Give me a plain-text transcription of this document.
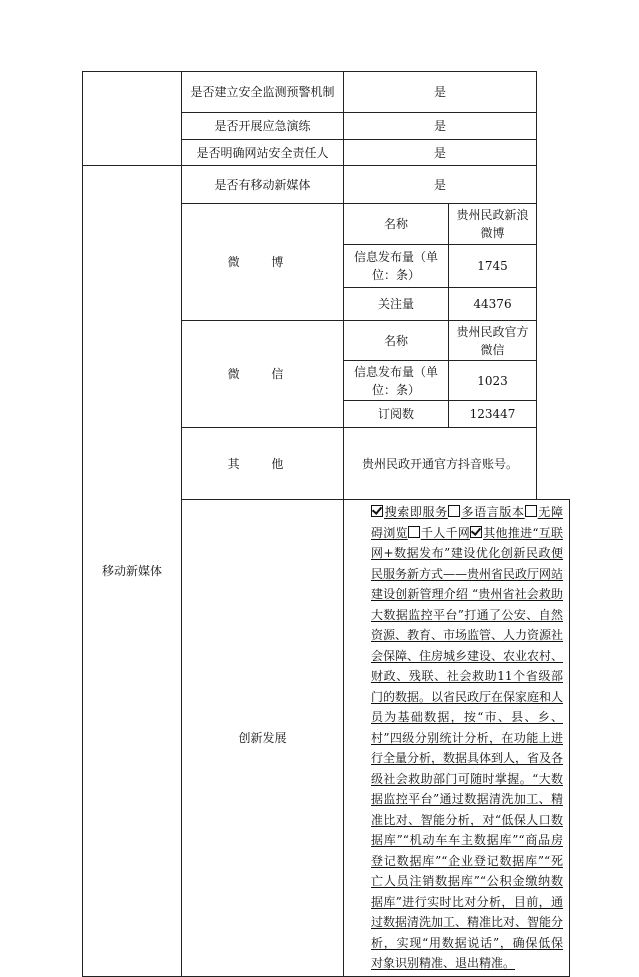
	是否建立安全监测预警机制	是	
	是否开展应急演练	是	
	是否明确网站安全责任人	是	
移动新媒体	是否有移动新媒体	是	
	微 博	名称	贵州民政新浪微博
		信息发布量（单位：条）	1745
		关注量	44376
	微 信	名称	贵州民政官方微信
		信息发布量（单位：条）	1023
		订阅数	123447
	其 他	贵州民政开通官方抖音账号。	
	创新发展	搜索即服务 多语言版本 无障碍浏览 千人千网 其他推进“互联网+数据发布”建设优化创新民政便民服务新方式——贵州省民政厅网站建设创新管理介绍 “贵州省社会救助大数据监控平台”打通了公安、自然资源、教育、市场监管、人力资源社会保障、住房城乡建设、农业农村、财政、残联、社会救助11个省级部门的数据。以省民政厅在保家庭和人员为基础数据，按“市、县、乡、村”四级分别统计分析，在功能上进行全量分析，数据具体到人，省及各级社会救助部门可随时掌握。“大数据监控平台”通过数据清洗加工、精准比对、智能分析，对“低保人口数据库”“机动车车主数据库”“商品房登记数据库”“企业登记数据库”“死亡人员注销数据库”“公积金缴纳数据库”进行实时比对分析，目前，通过数据清洗加工、精准比对、智能分析，实现“用数据说话”，确保低保对象识别精准、退出精准。	
